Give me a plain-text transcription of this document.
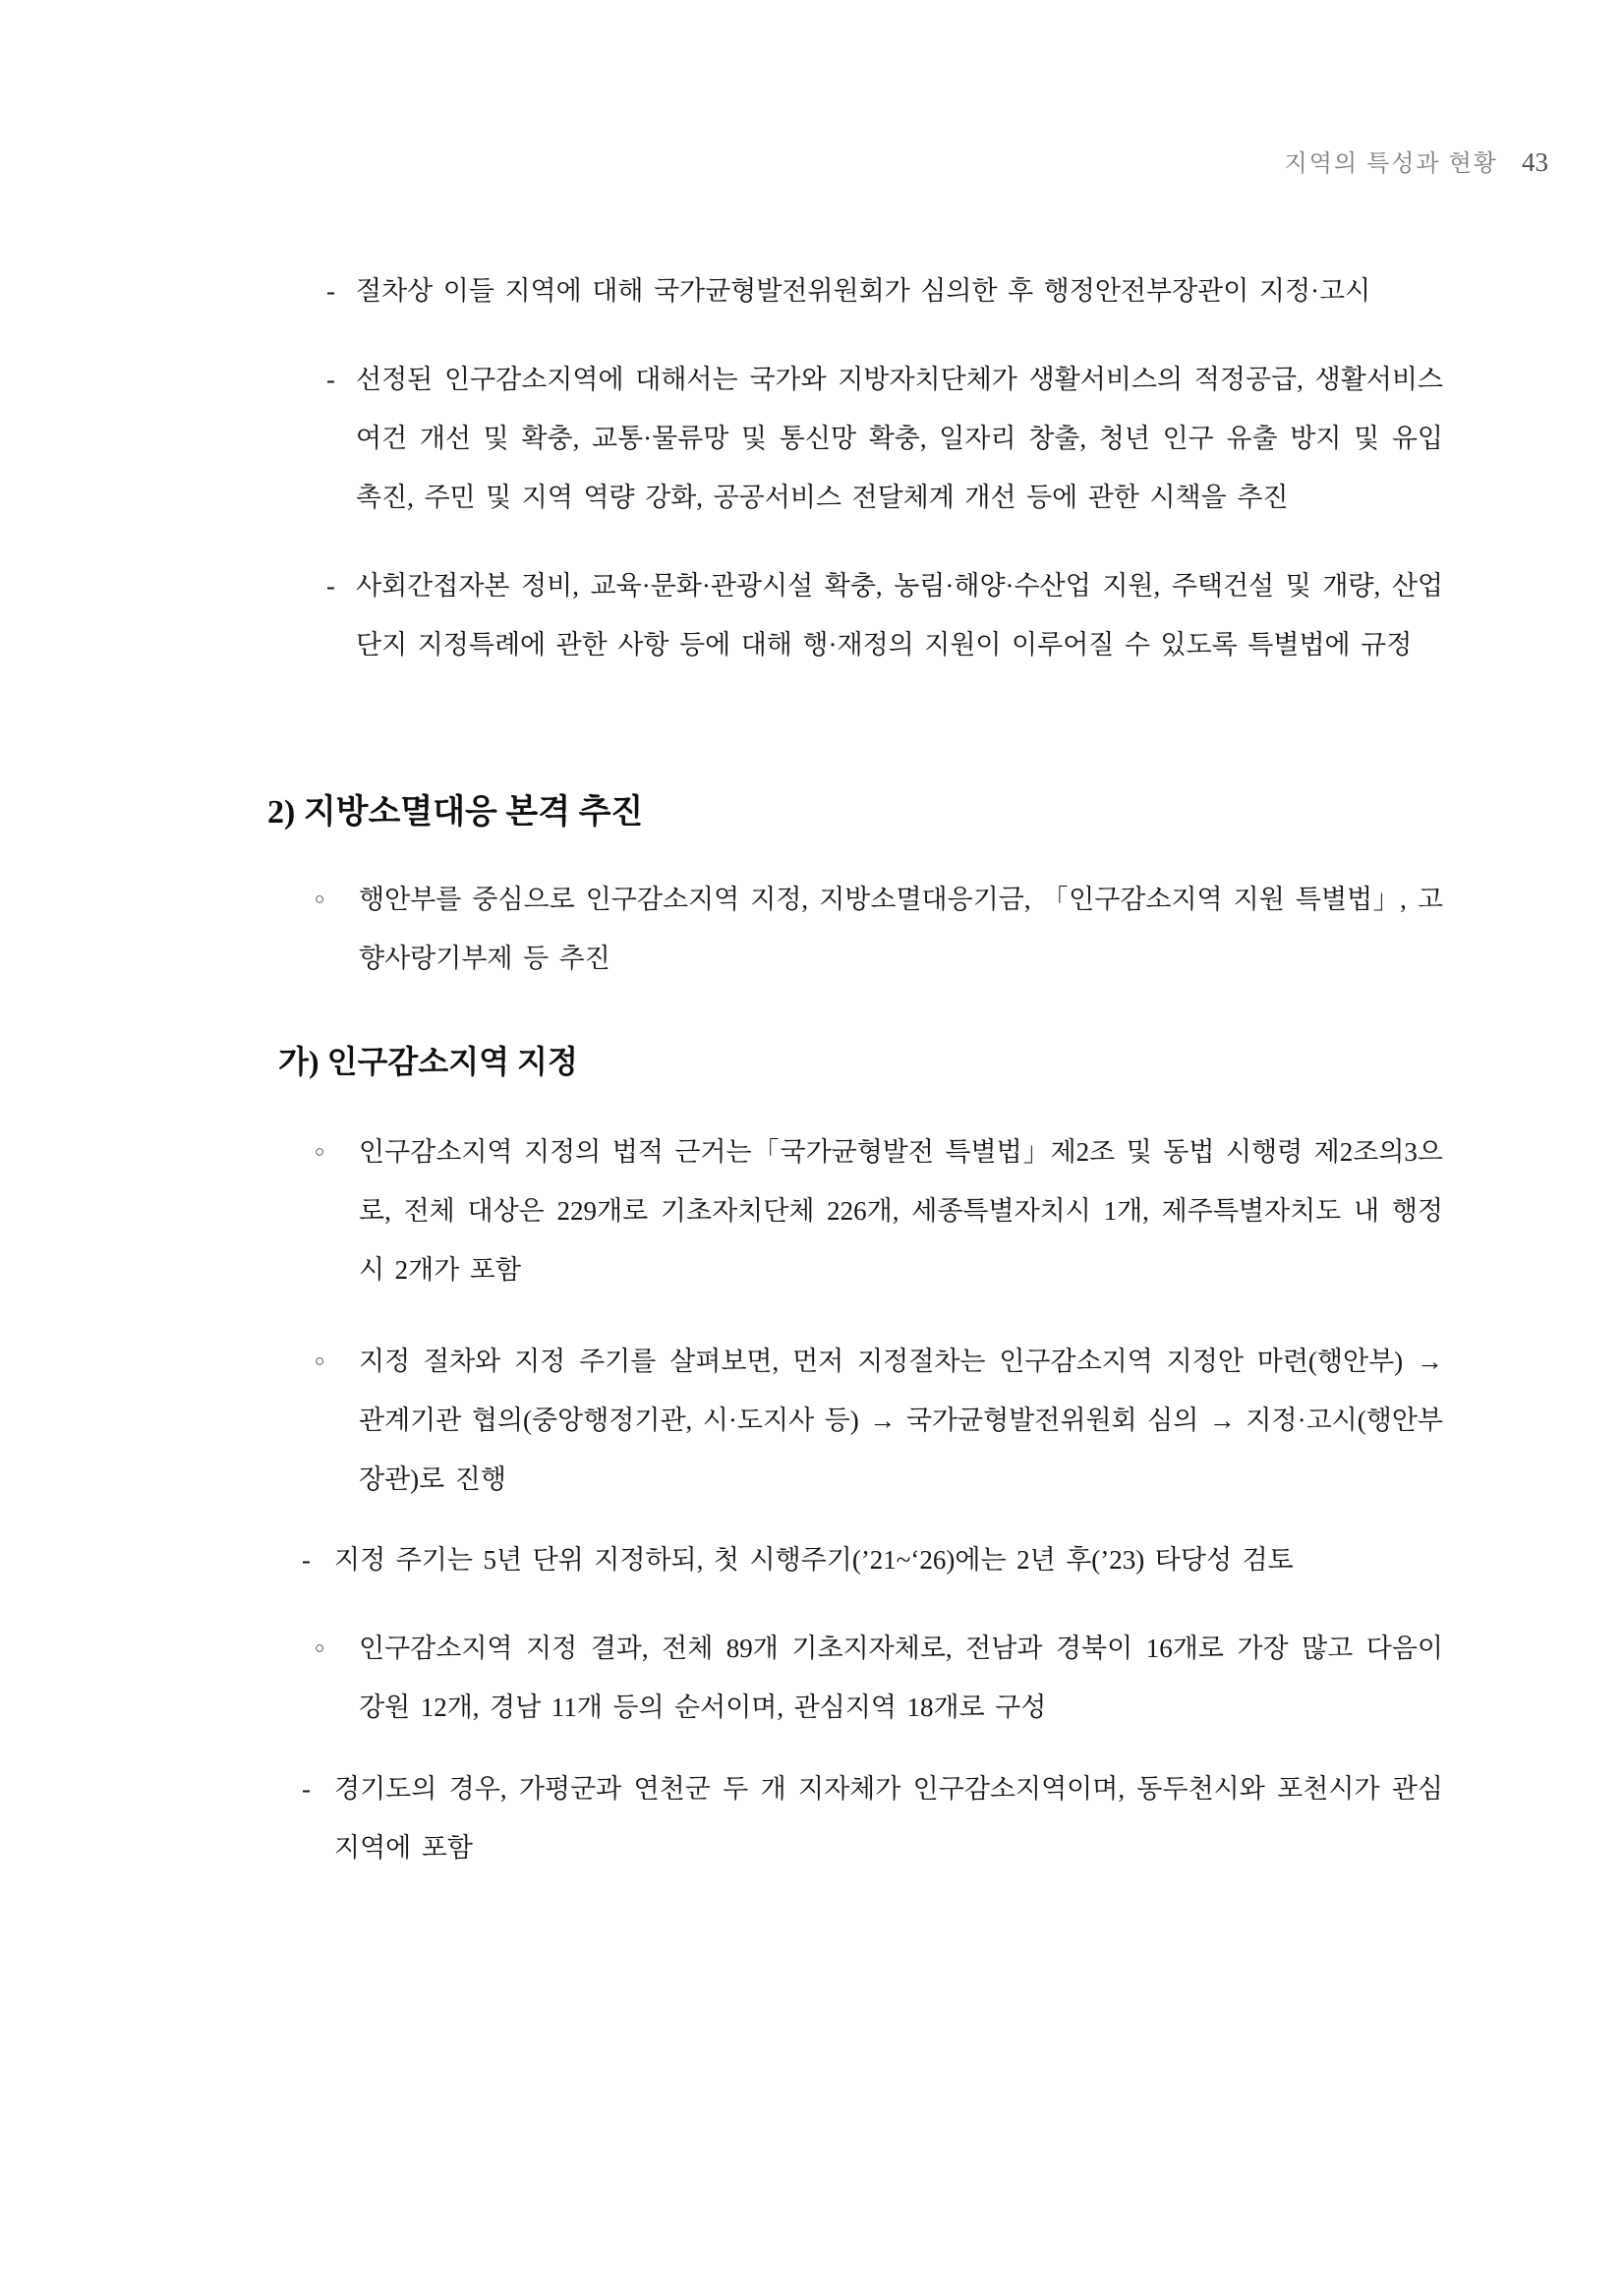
지역의 특성과 현황 43
- 절차상 이들 지역에 대해 국가균형발전위원회가 심의한 후 행정안전부장관이 지정·고시
- 선정된 인구감소지역에 대해서는 국가와 지방자치단체가 생활서비스의 적정공급, 생활서비스 여건 개선 및 확충, 교통·물류망 및 통신망 확충, 일자리 창출, 청년 인구 유출 방지 및 유입 촉진, 주민 및 지역 역량 강화, 공공서비스 전달체계 개선 등에 관한 시책을 추진
- 사회간접자본 정비, 교육·문화·관광시설 확충, 농림·해양·수산업 지원, 주택건설 및 개량, 산업단지 지정특례에 관한 사항 등에 대해 행·재정의 지원이 이루어질 수 있도록 특별법에 규정
2) 지방소멸대응 본격 추진
○	행안부를 중심으로 인구감소지역 지정, 지방소멸대응기금, 「인구감소지역 지원 특별법」, 고향사랑기부제 등 추진
가) 인구감소지역 지정
○	인구감소지역 지정의 법적 근거는「국가균형발전 특별법」제2조 및 동법 시행령 제2조의3으로, 전체 대상은 229개로 기초자치단체 226개, 세종특별자치시 1개, 제주특별자치도 내 행정시 2개가 포함
○	지정 절차와 지정 주기를 살펴보면, 먼저 지정절차는 인구감소지역 지정안 마련(행안부) → 관계기관 협의(중앙행정기관, 시·도지사 등) → 국가균형발전위원회 심의 → 지정·고시(행안부 장관)로 진행
- 지정 주기는 5년 단위 지정하되, 첫 시행주기(’21~‘26)에는 2년 후(’23) 타당성 검토
○	인구감소지역 지정 결과, 전체 89개 기초지자체로, 전남과 경북이 16개로 가장 많고 다음이 강원 12개, 경남 11개 등의 순서이며, 관심지역 18개로 구성
- 경기도의 경우, 가평군과 연천군 두 개 지자체가 인구감소지역이며, 동두천시와 포천시가 관심지역에 포함
